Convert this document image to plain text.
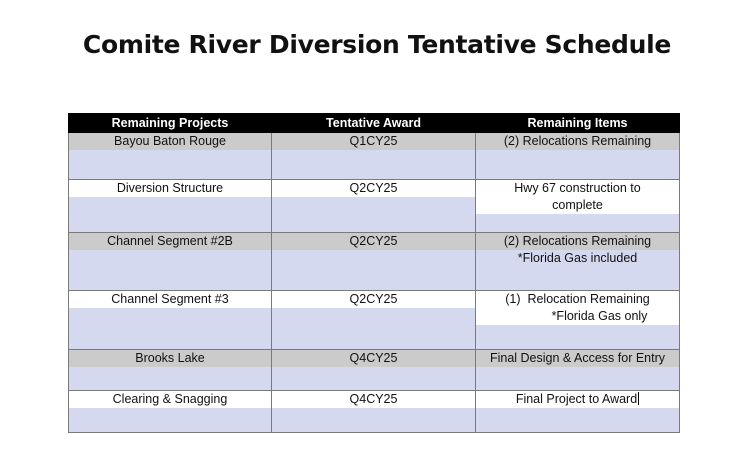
Comite River Diversion Tentative Schedule
Remaining Projects	Tentative Award	Remaining Items

Bayou Baton Rouge	Q1CY25	(2) Relocations Remaining

Diversion Structure	Q2CY25	Hwy 67 construction to
complete

Channel Segment #2B	Q2CY25	(2) Relocations Remaining
*Florida Gas included

Channel Segment #3	Q2CY25	(1)  Relocation Remaining
*Florida Gas only

Brooks Lake	Q4CY25	Final Design & Access for Entry

Clearing & Snagging	Q4CY25	Final Project to Award
